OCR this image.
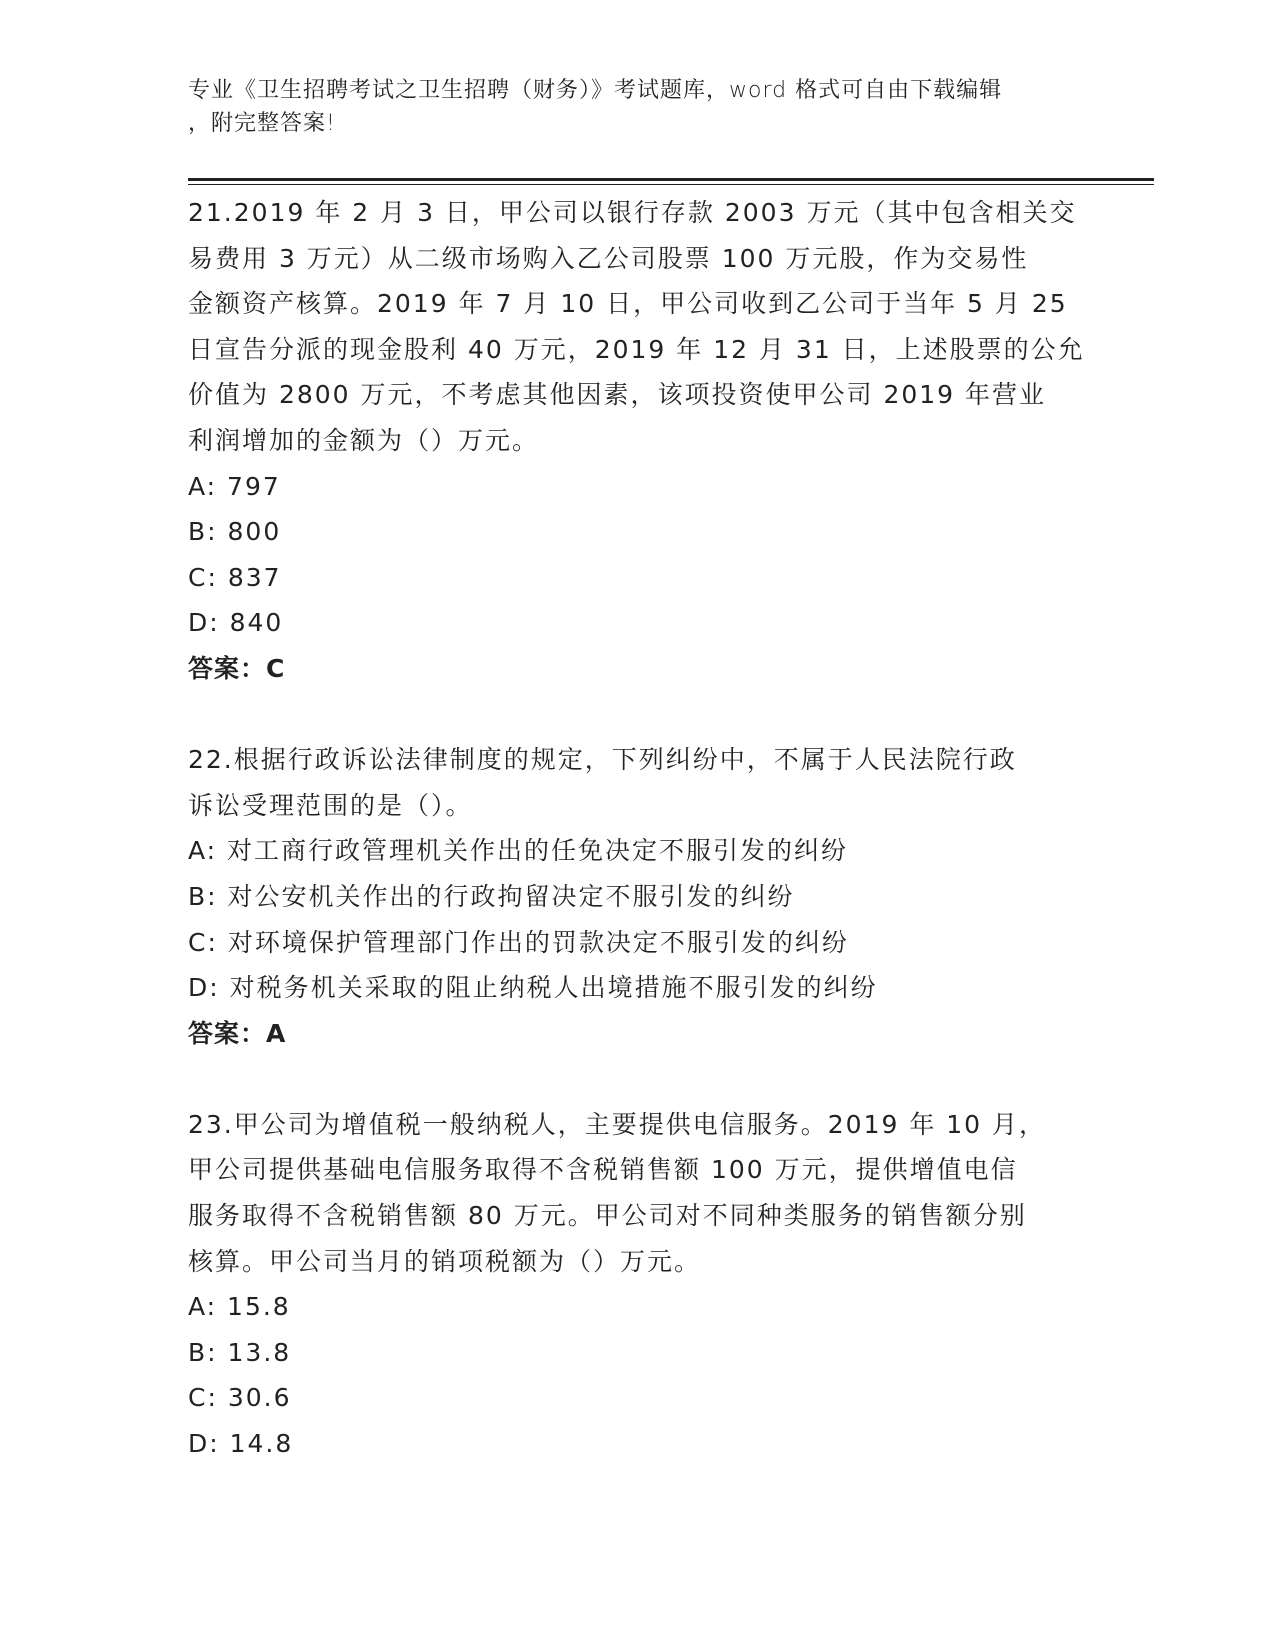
专业《卫生招聘考试之卫生招聘（财务）》考试题库，word 格式可自由下载编辑
，附完整答案!

21.2019 年 2 月 3 日，甲公司以银行存款 2003 万元（其中包含相关交

易费用 3 万元）从二级市场购入乙公司股票 100 万元股，作为交易性

金额资产核算。2019 年 7 月 10 日，甲公司收到乙公司于当年 5 月 25

日宣告分派的现金股利 40 万元，2019 年 12 月 31 日，上述股票的公允

价值为 2800 万元，不考虑其他因素，该项投资使甲公司 2019 年营业

利润增加的金额为（）万元。

A: 797

B: 800

C: 837

D: 840

答案：C

22.根据行政诉讼法律制度的规定，下列纠纷中，不属于人民法院行政

诉讼受理范围的是（）。

A: 对工商行政管理机关作出的任免决定不服引发的纠纷

B: 对公安机关作出的行政拘留决定不服引发的纠纷

C: 对环境保护管理部门作出的罚款决定不服引发的纠纷

D: 对税务机关采取的阻止纳税人出境措施不服引发的纠纷

答案：A

23.甲公司为增值税一般纳税人，主要提供电信服务。2019 年 10 月，

甲公司提供基础电信服务取得不含税销售额 100 万元，提供增值电信

服务取得不含税销售额 80 万元。甲公司对不同种类服务的销售额分别

核算。甲公司当月的销项税额为（）万元。

A: 15.8

B: 13.8

C: 30.6

D: 14.8
